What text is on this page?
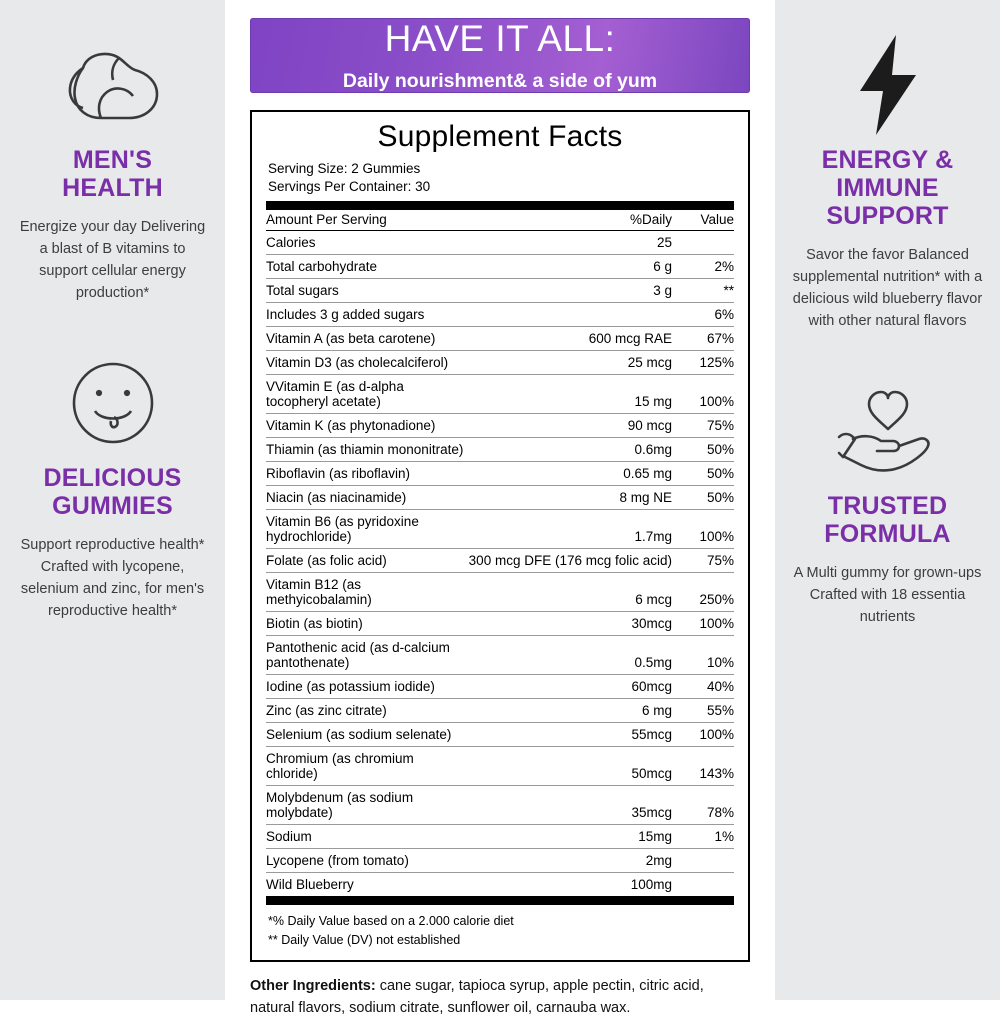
MEN'S
HEALTH
Energize your day Delivering a blast of B vitamins to support cellular energy production*
DELICIOUS
GUMMIES
Support reproductive health* Crafted with lycopene, selenium and zinc, for men's reproductive health*
HAVE IT ALL:
Daily nourishment& a side of yum
Supplement Facts
Serving Size: 2 Gummies
Servings Per Container: 30
Amount Per Serving	%Daily	Value
Calories	25	
Total carbohydrate	6 g	2%
Total sugars	3 g	**
Includes 3 g added sugars		6%
Vitamin A (as beta carotene)	600 mcg RAE	67%
Vitamin D3 (as cholecalciferol)	25 mcg	125%
VVitamin E (as d-alpha tocopheryl acetate)	15 mg	100%
Vitamin K (as phytonadione)	90 mcg	75%
Thiamin (as thiamin mononitrate)	0.6mg	50%
Riboflavin (as riboflavin)	0.65 mg	50%
Niacin (as niacinamide)	8 mg NE	50%
Vitamin B6 (as pyridoxine hydrochloride)	1.7mg	100%
Folate (as folic acid)	300 mcg DFE (176 mcg folic acid)	75%
Vitamin B12 (as methyicobalamin)	6 mcg	250%
Biotin (as biotin)	30mcg	100%
Pantothenic acid (as d-calcium pantothenate)	0.5mg	10%
Iodine (as potassium iodide)	60mcg	40%
Zinc (as zinc citrate)	6 mg	55%
Selenium (as sodium selenate)	55mcg	100%
Chromium (as chromium chloride)	50mcg	143%
Molybdenum (as sodium molybdate)	35mcg	78%
Sodium	15mg	1%
Lycopene (from tomato)	2mg	
Wild Blueberry	100mg	
*% Daily Value based on a 2.000 calorie diet
** Daily Value (DV) not established
Other Ingredients: cane sugar, tapioca syrup, apple pectin, citric acid, natural flavors, sodium citrate, sunflower oil, carnauba wax.
ENERGY &
IMMUNE
SUPPORT
Savor the favor Balanced supplemental nutrition* with a delicious wild blueberry flavor with other natural flavors
TRUSTED
FORMULA
A Multi gummy for grown-ups Crafted with 18 essentia nutrients
